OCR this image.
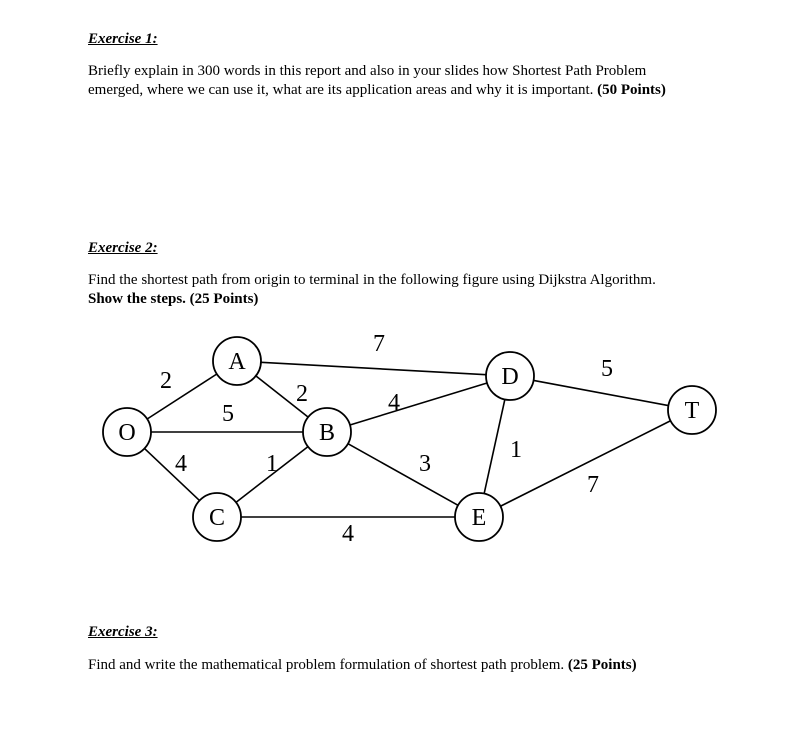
Exercise 1:
Briefly explain in 300 words in this report and also in your slides how Shortest Path Problem
emerged, where we can use it, what are its application areas and why it is important. (50 Points)
Exercise 2:
Find the shortest path from origin to terminal in the following figure using Dijkstra Algorithm.
Show the steps. (25 Points)
2
5
4
2
7
1
4
4
3
1
5
7
O
A
B
C
D
E
T
Exercise 3:
Find and write the mathematical problem formulation of shortest path problem. (25 Points)
